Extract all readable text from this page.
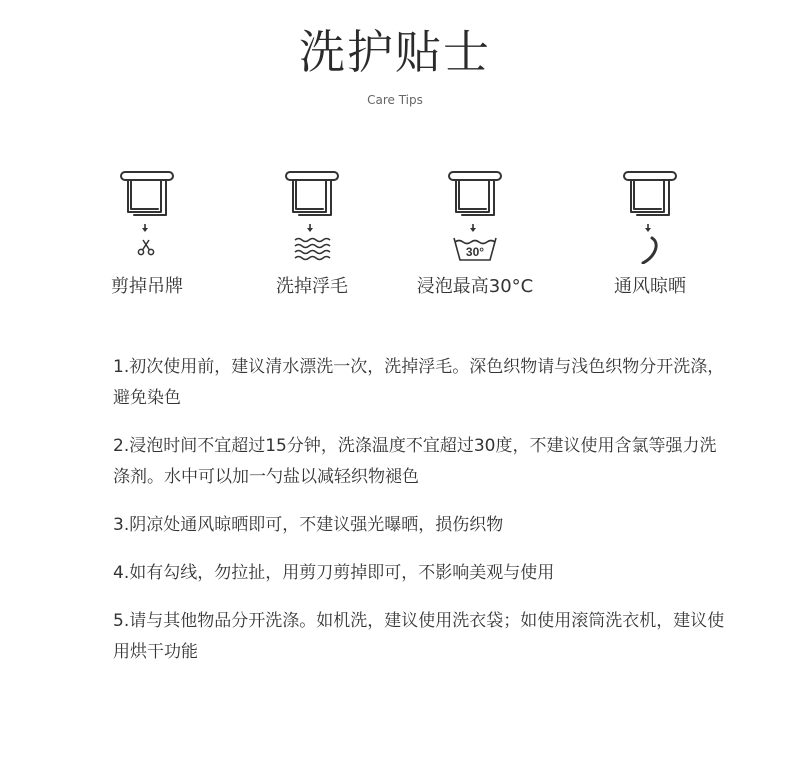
洗护贴士
Care Tips
剪掉吊牌	洗掉浮毛
30°
浸泡最高30°C	通风晾晒

1.初次使用前，建议清水漂洗一次，洗掉浮毛。深色织物请与浅色织物分开洗涤，避免染色

2.浸泡时间不宜超过15分钟，洗涤温度不宜超过30度，不建议使用含氯等强力洗涤剂。水中可以加一勺盐以减轻织物褪色

3.阴凉处通风晾晒即可，不建议强光曝晒，损伤织物

4.如有勾线，勿拉扯，用剪刀剪掉即可，不影响美观与使用

5.请与其他物品分开洗涤。如机洗，建议使用洗衣袋；如使用滚筒洗衣机，建议使用烘干功能
